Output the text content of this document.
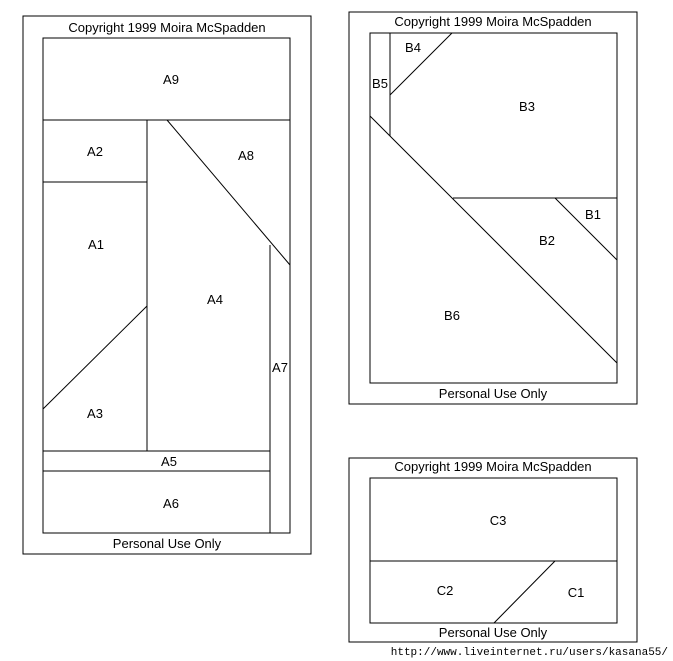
Copyright 1999 Moira McSpadden
A1
A2
A3
A4
A5
A6
A7
A8
A9
Personal Use Only
Copyright 1999 Moira McSpadden
B1
B2
B3
B4
B5
B6
Personal Use Only
Copyright 1999 Moira McSpadden
C1
C2
C3
Personal Use Only
http://www.liveinternet.ru/users/kasana55/
